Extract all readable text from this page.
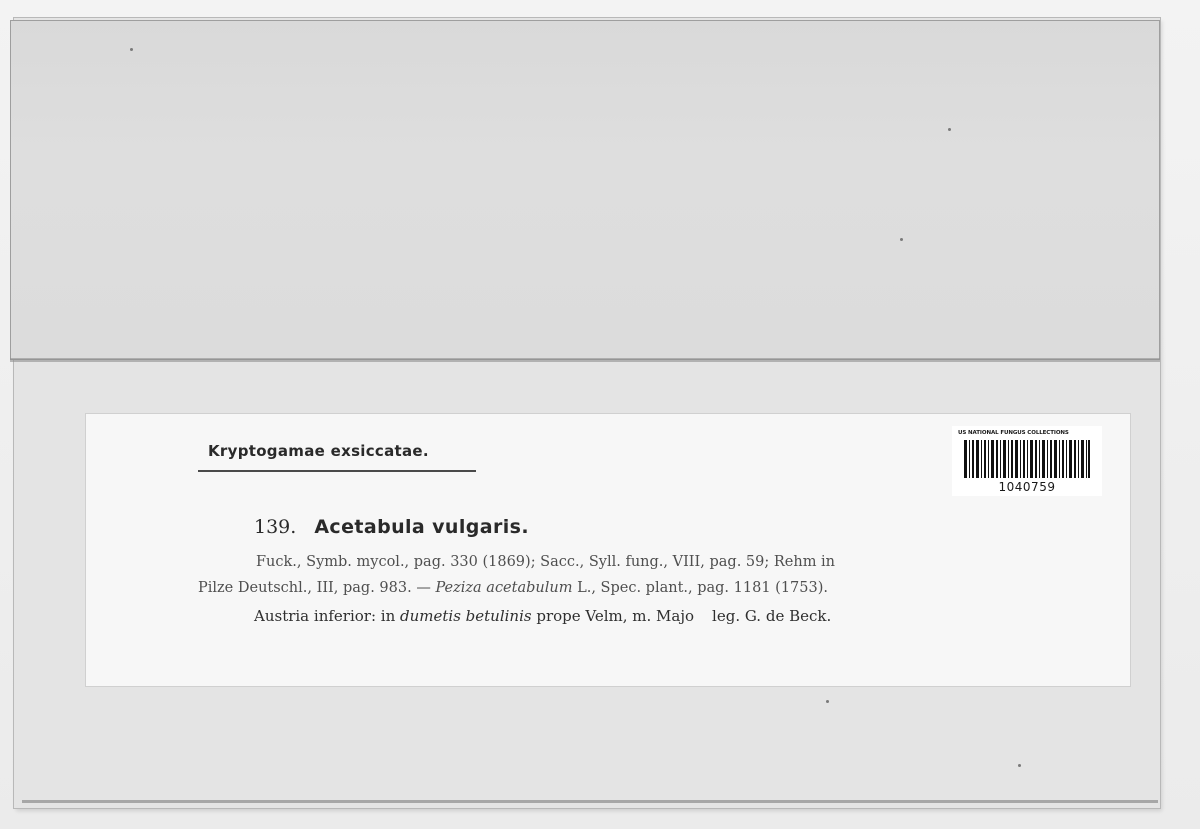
Kryptogamae exsiccatae.
139. Acetabula vulgaris.
Fuck., Symb. mycol., pag. 330 (1869); Sacc., Syll. fung., VIII, pag. 59; Rehm in
Pilze Deutschl., III, pag. 983. — Peziza acetabulum L., Spec. plant., pag. 1181 (1753).
Austria inferior: in dumetis betulinis prope Velm, m. Majo leg. G. de Beck.
US NATIONAL FUNGUS COLLECTIONS
1040759
